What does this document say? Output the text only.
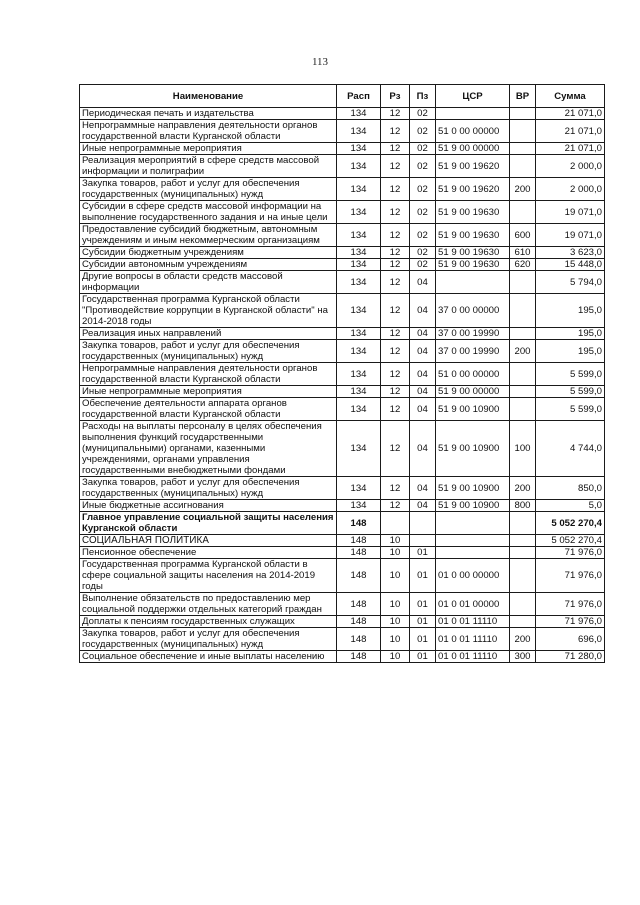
113
Наименование	Расп	Рз	Пз	ЦСР	ВР	Сумма
Периодическая печать и издательства	134	12	02			21 071,0
Непрограммные направления деятельности органов государственной власти Курганской области	134	12	02	51 0 00 00000		21 071,0
Иные непрограммные мероприятия	134	12	02	51 9 00 00000		21 071,0
Реализация мероприятий в сфере средств массовой информации и полиграфии	134	12	02	51 9 00 19620		2 000,0
Закупка товаров, работ и услуг для обеспечения государственных (муниципальных) нужд	134	12	02	51 9 00 19620	200	2 000,0
Субсидии в сфере средств массовой информации на выполнение государственного задания и на иные цели	134	12	02	51 9 00 19630		19 071,0
Предоставление субсидий бюджетным, автономным учреждениям и иным некоммерческим организациям	134	12	02	51 9 00 19630	600	19 071,0
Субсидии бюджетным учреждениям	134	12	02	51 9 00 19630	610	3 623,0
Субсидии автономным учреждениям	134	12	02	51 9 00 19630	620	15 448,0
Другие вопросы в области средств массовой информации	134	12	04			5 794,0
Государственная программа Курганской области "Противодействие коррупции в Курганской области" на 2014-2018 годы	134	12	04	37 0 00 00000		195,0
Реализация иных направлений	134	12	04	37 0 00 19990		195,0
Закупка товаров, работ и услуг для обеспечения государственных (муниципальных) нужд	134	12	04	37 0 00 19990	200	195,0
Непрограммные направления деятельности органов государственной власти Курганской области	134	12	04	51 0 00 00000		5 599,0
Иные непрограммные мероприятия	134	12	04	51 9 00 00000		5 599,0
Обеспечение деятельности аппарата органов государственной власти Курганской области	134	12	04	51 9 00 10900		5 599,0
Расходы на выплаты персоналу в целях обеспечения выполнения функций государственными (муниципальными) органами, казенными учреждениями, органами управления государственными внебюджетными фондами	134	12	04	51 9 00 10900	100	4 744,0
Закупка товаров, работ и услуг для обеспечения государственных (муниципальных) нужд	134	12	04	51 9 00 10900	200	850,0
Иные бюджетные ассигнования	134	12	04	51 9 00 10900	800	5,0
Главное управление социальной защиты населения Курганской области	148					5 052 270,4
СОЦИАЛЬНАЯ ПОЛИТИКА	148	10				5 052 270,4
Пенсионное обеспечение	148	10	01			71 976,0
Государственная программа Курганской области в сфере социальной защиты населения на 2014-2019 годы	148	10	01	01 0 00 00000		71 976,0
Выполнение обязательств по предоставлению мер социальной поддержки отдельных категорий граждан	148	10	01	01 0 01 00000		71 976,0
Доплаты к пенсиям государственных служащих	148	10	01	01 0 01 11110		71 976,0
Закупка товаров, работ и услуг для обеспечения государственных (муниципальных) нужд	148	10	01	01 0 01 11110	200	696,0
Социальное обеспечение и иные выплаты населению	148	10	01	01 0 01 11110	300	71 280,0
